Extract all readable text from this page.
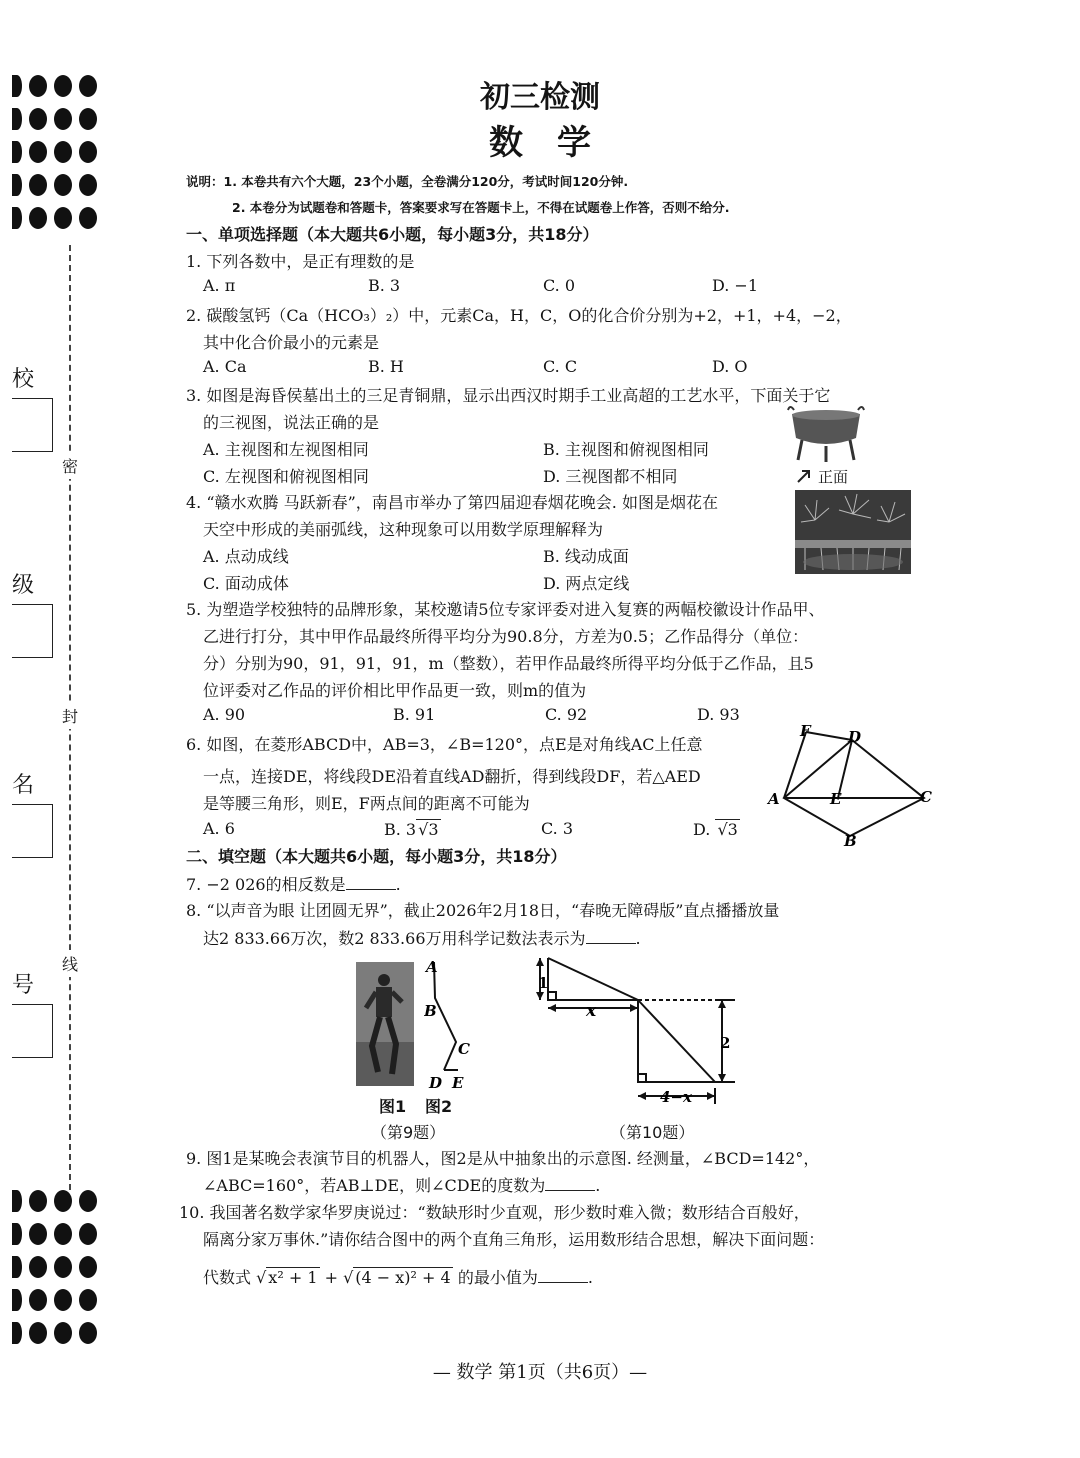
密
封
线
校
级
名
号
初三检测
数学
说明：1. 本卷共有六个大题，23个小题，全卷满分120分，考试时间120分钟.
2. 本卷分为试题卷和答题卡，答案要求写在答题卡上，不得在试题卷上作答，否则不给分.
一、单项选择题（本大题共6小题，每小题3分，共18分）
1. 下列各数中，是正有理数的是
A. π	B. 3	C. 0	D. −1
2. 碳酸氢钙（Ca（HCO₃）₂）中，元素Ca，H，C，O的化合价分别为+2，+1，+4，−2，
其中化合价最小的元素是
A. Ca	B. H	C. C	D. O
3. 如图是海昏侯墓出土的三足青铜鼎，显示出西汉时期手工业高超的工艺水平，下面关于它
的三视图，说法正确的是
A. 主视图和左视图相同	B. 主视图和俯视图相同
C. 左视图和俯视图相同	D. 三视图都不相同	正面
4. “赣水欢腾 马跃新春”，南昌市举办了第四届迎春烟花晚会. 如图是烟花在
天空中形成的美丽弧线，这种现象可以用数学原理解释为
A. 点动成线	B. 线动成面
C. 面动成体	D. 两点定线
5. 为塑造学校独特的品牌形象，某校邀请5位专家评委对进入复赛的两幅校徽设计作品甲、
乙进行打分，其中甲作品最终所得平均分为90.8分，方差为0.5；乙作品得分（单位：
分）分别为90，91，91，91，m（整数），若甲作品最终所得平均分低于乙作品，且5
位评委对乙作品的评价相比甲作品更一致，则m的值为
A. 90	B. 91	C. 92	D. 93
6. 如图，在菱形ABCD中，AB=3，∠B=120°，点E是对角线AC上任意
一点，连接DE，将线段DE沿着直线AD翻折，得到线段DF，若△AED
是等腰三角形，则E，F两点间的距离不可能为
A. 6	B. 3 √3	C. 3	D. √3
F D
A	E	C
B
二、填空题（本大题共6小题，每小题3分，共18分）
7. −2 026的相反数是	.
8. “以声音为眼 让团圆无界”，截止2026年2月18日，“春晚无障碍版”直点播播放量
达2 833.66万次，数2 833.66万用科学记数法表示为	.
A
B
C
D E
图1 图2
（第9题）
1
x
2
4−x
（第10题）
9. 图1是某晚会表演节目的机器人，图2是从中抽象出的示意图. 经测量，∠BCD=142°，
∠ABC=160°，若AB⊥DE，则∠CDE的度数为	.
10. 我国著名数学家华罗庚说过：“数缺形时少直观，形少数时难入微；数形结合百般好，
隔离分家万事休.”请你结合图中的两个直角三角形，运用数形结合思想，解决下面问题：
代数式 √ x² + 1 + √ (4 − x)² + 4 的最小值为	.
— 数学 第1页（共6页）—
